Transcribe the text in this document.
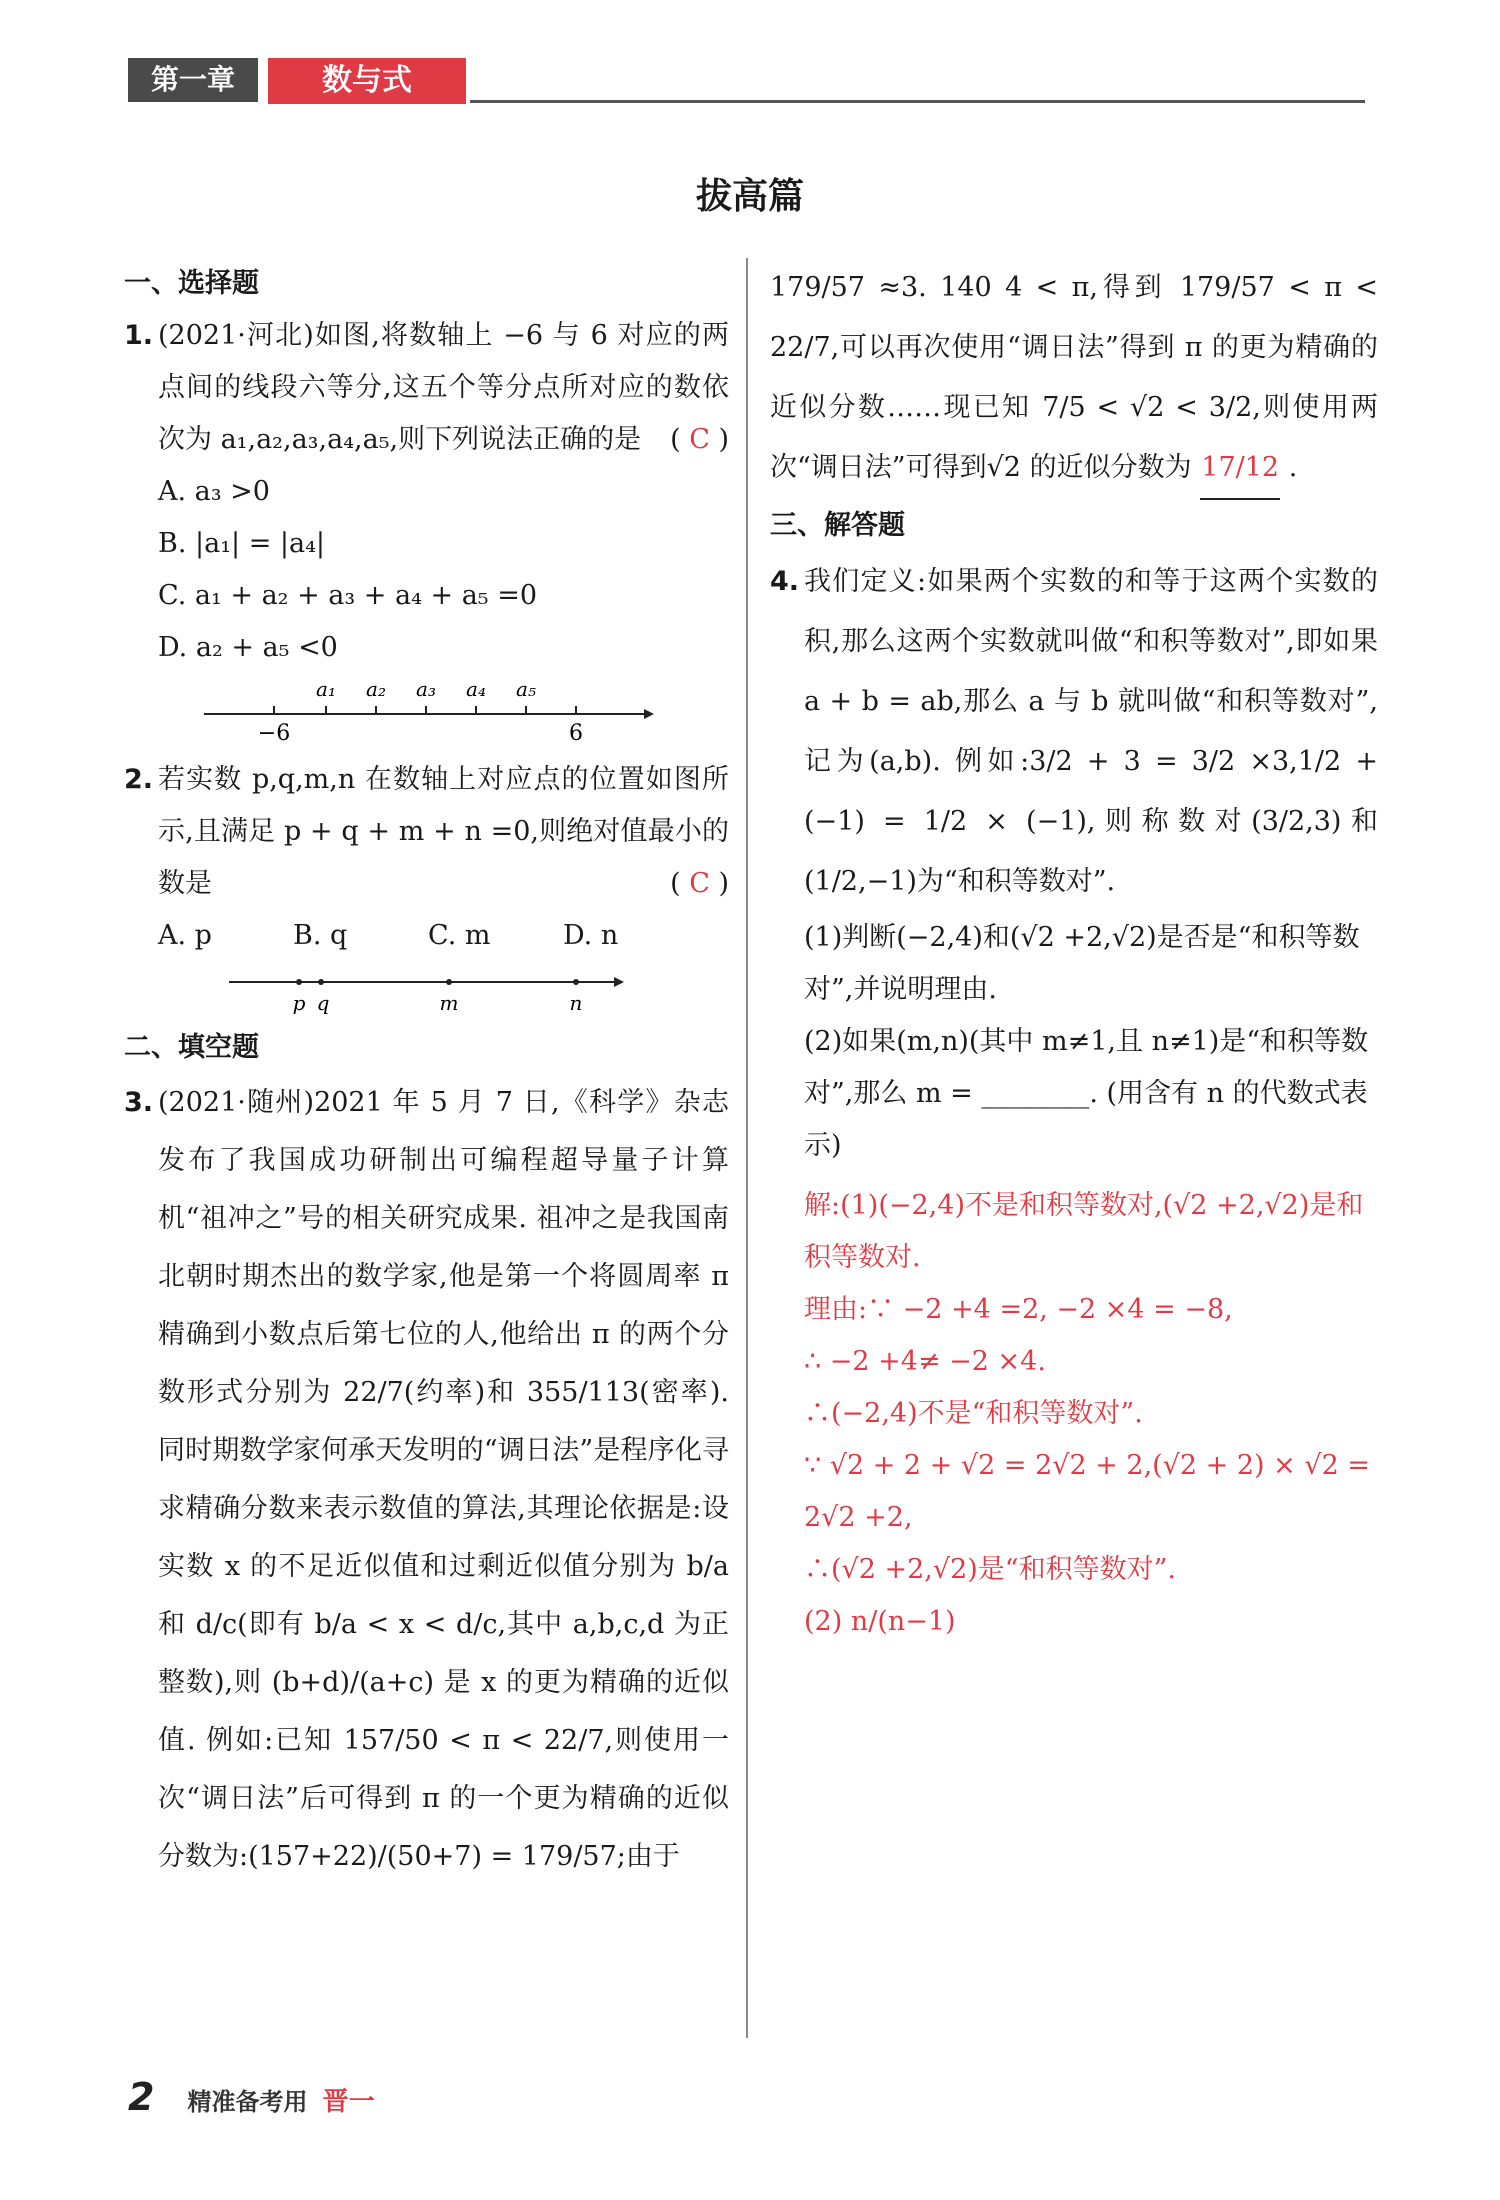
第一章	数与式
拔高篇

一、选择题

1. (2021·河北)如图,将数轴上 −6 与 6 对应的两点间的线段六等分,这五个等分点所对应的数依次为 a₁,a₂,a₃,a₄,a₅,则下列说法正确的是 ( C )

A. a₃ >0

B. |a₁| = |a₄|

C. a₁ + a₂ + a₃ + a₄ + a₅ =0

D. a₂ + a₅ <0

a₁ a₂ a₃ a₄ a₅
−6	6
2. 若实数 p,q,m,n 在数轴上对应点的位置如图所示,且满足 p + q + m + n =0,则绝对值最小的数是	( C )
A. p	B. q	C. m	D. n
p q	m	n

二、填空题

3. (2021·随州)2021 年 5 月 7 日,《科学》杂志发布了我国成功研制出可编程超导量子计算机“祖冲之”号的相关研究成果. 祖冲之是我国南北朝时期杰出的数学家,他是第一个将圆周率 π 精确到小数点后第七位的人,他给出 π 的两个分数形式分别为 22/7(约率)和 355/113(密率). 同时期数学家何承天发明的“调日法”是程序化寻求精确分数来表示数值的算法,其理论依据是:设实数 x 的不足近似值和过剩近似值分别为 b/a 和 d/c(即有 b/a < x < d/c,其中 a,b,c,d 为正整数),则 (b+d)/(a+c) 是 x 的更为精确的近似值. 例如:已知 157/50 < π < 22/7,则使用一次“调日法”后可得到 π 的一个更为精确的近似分数为:(157+22)/(50+7) = 179/57;由于
179/57 ≈3. 140 4 < π,得到 179/57 < π < 22/7,可以再次使用“调日法”得到 π 的更为精确的近似分数……现已知 7/5 < √2 < 3/2,则使用两次“调日法”可得到√2 的近似分数为 17/12 .

三、解答题

4. 我们定义:如果两个实数的和等于这两个实数的积,那么这两个实数就叫做“和积等数对”,即如果 a + b = ab,那么 a 与 b 就叫做“和积等数对”,记为(a,b). 例如:3/2 + 3 = 3/2 ×3,1/2 + (−1) = 1/2 × (−1),则称数对(3/2,3)和(1/2,−1)为“和积等数对”.

(1)判断(−2,4)和(√2 +2,√2)是否是“和积等数对”,并说明理由.

(2)如果(m,n)(其中 m≠1,且 n≠1)是“和积等数对”,那么 m = ________. (用含有 n 的代数式表示)

解:(1)(−2,4)不是和积等数对,(√2 +2,√2)是和积等数对.

理由:∵ −2 +4 =2, −2 ×4 = −8,

∴ −2 +4≠ −2 ×4.

∴(−2,4)不是“和积等数对”.

∵ √2 + 2 + √2 = 2√2 + 2,(√2 + 2) × √2 = 2√2 +2,

∴(√2 +2,√2)是“和积等数对”.

(2) n/(n−1)

2 精准备考用 晋一
